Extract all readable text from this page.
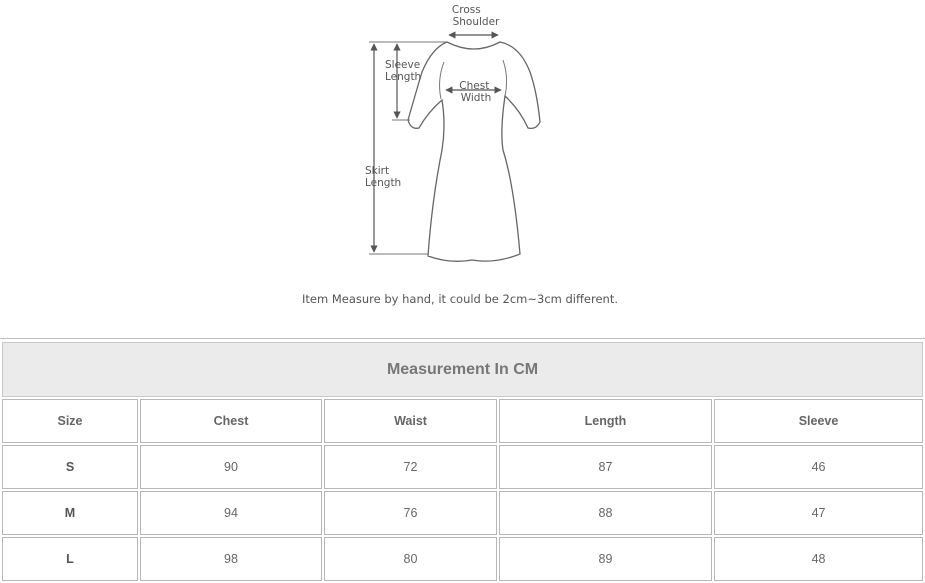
Cross Shoulder
Chest Width
Sleeve Length
Skirt Length
Item Measure by hand, it could be 2cm~3cm different.
Measurement In CM				
Size	Chest	Waist	Length	Sleeve
S	90	72	87	46
M	94	76	88	47
L	98	80	89	48
